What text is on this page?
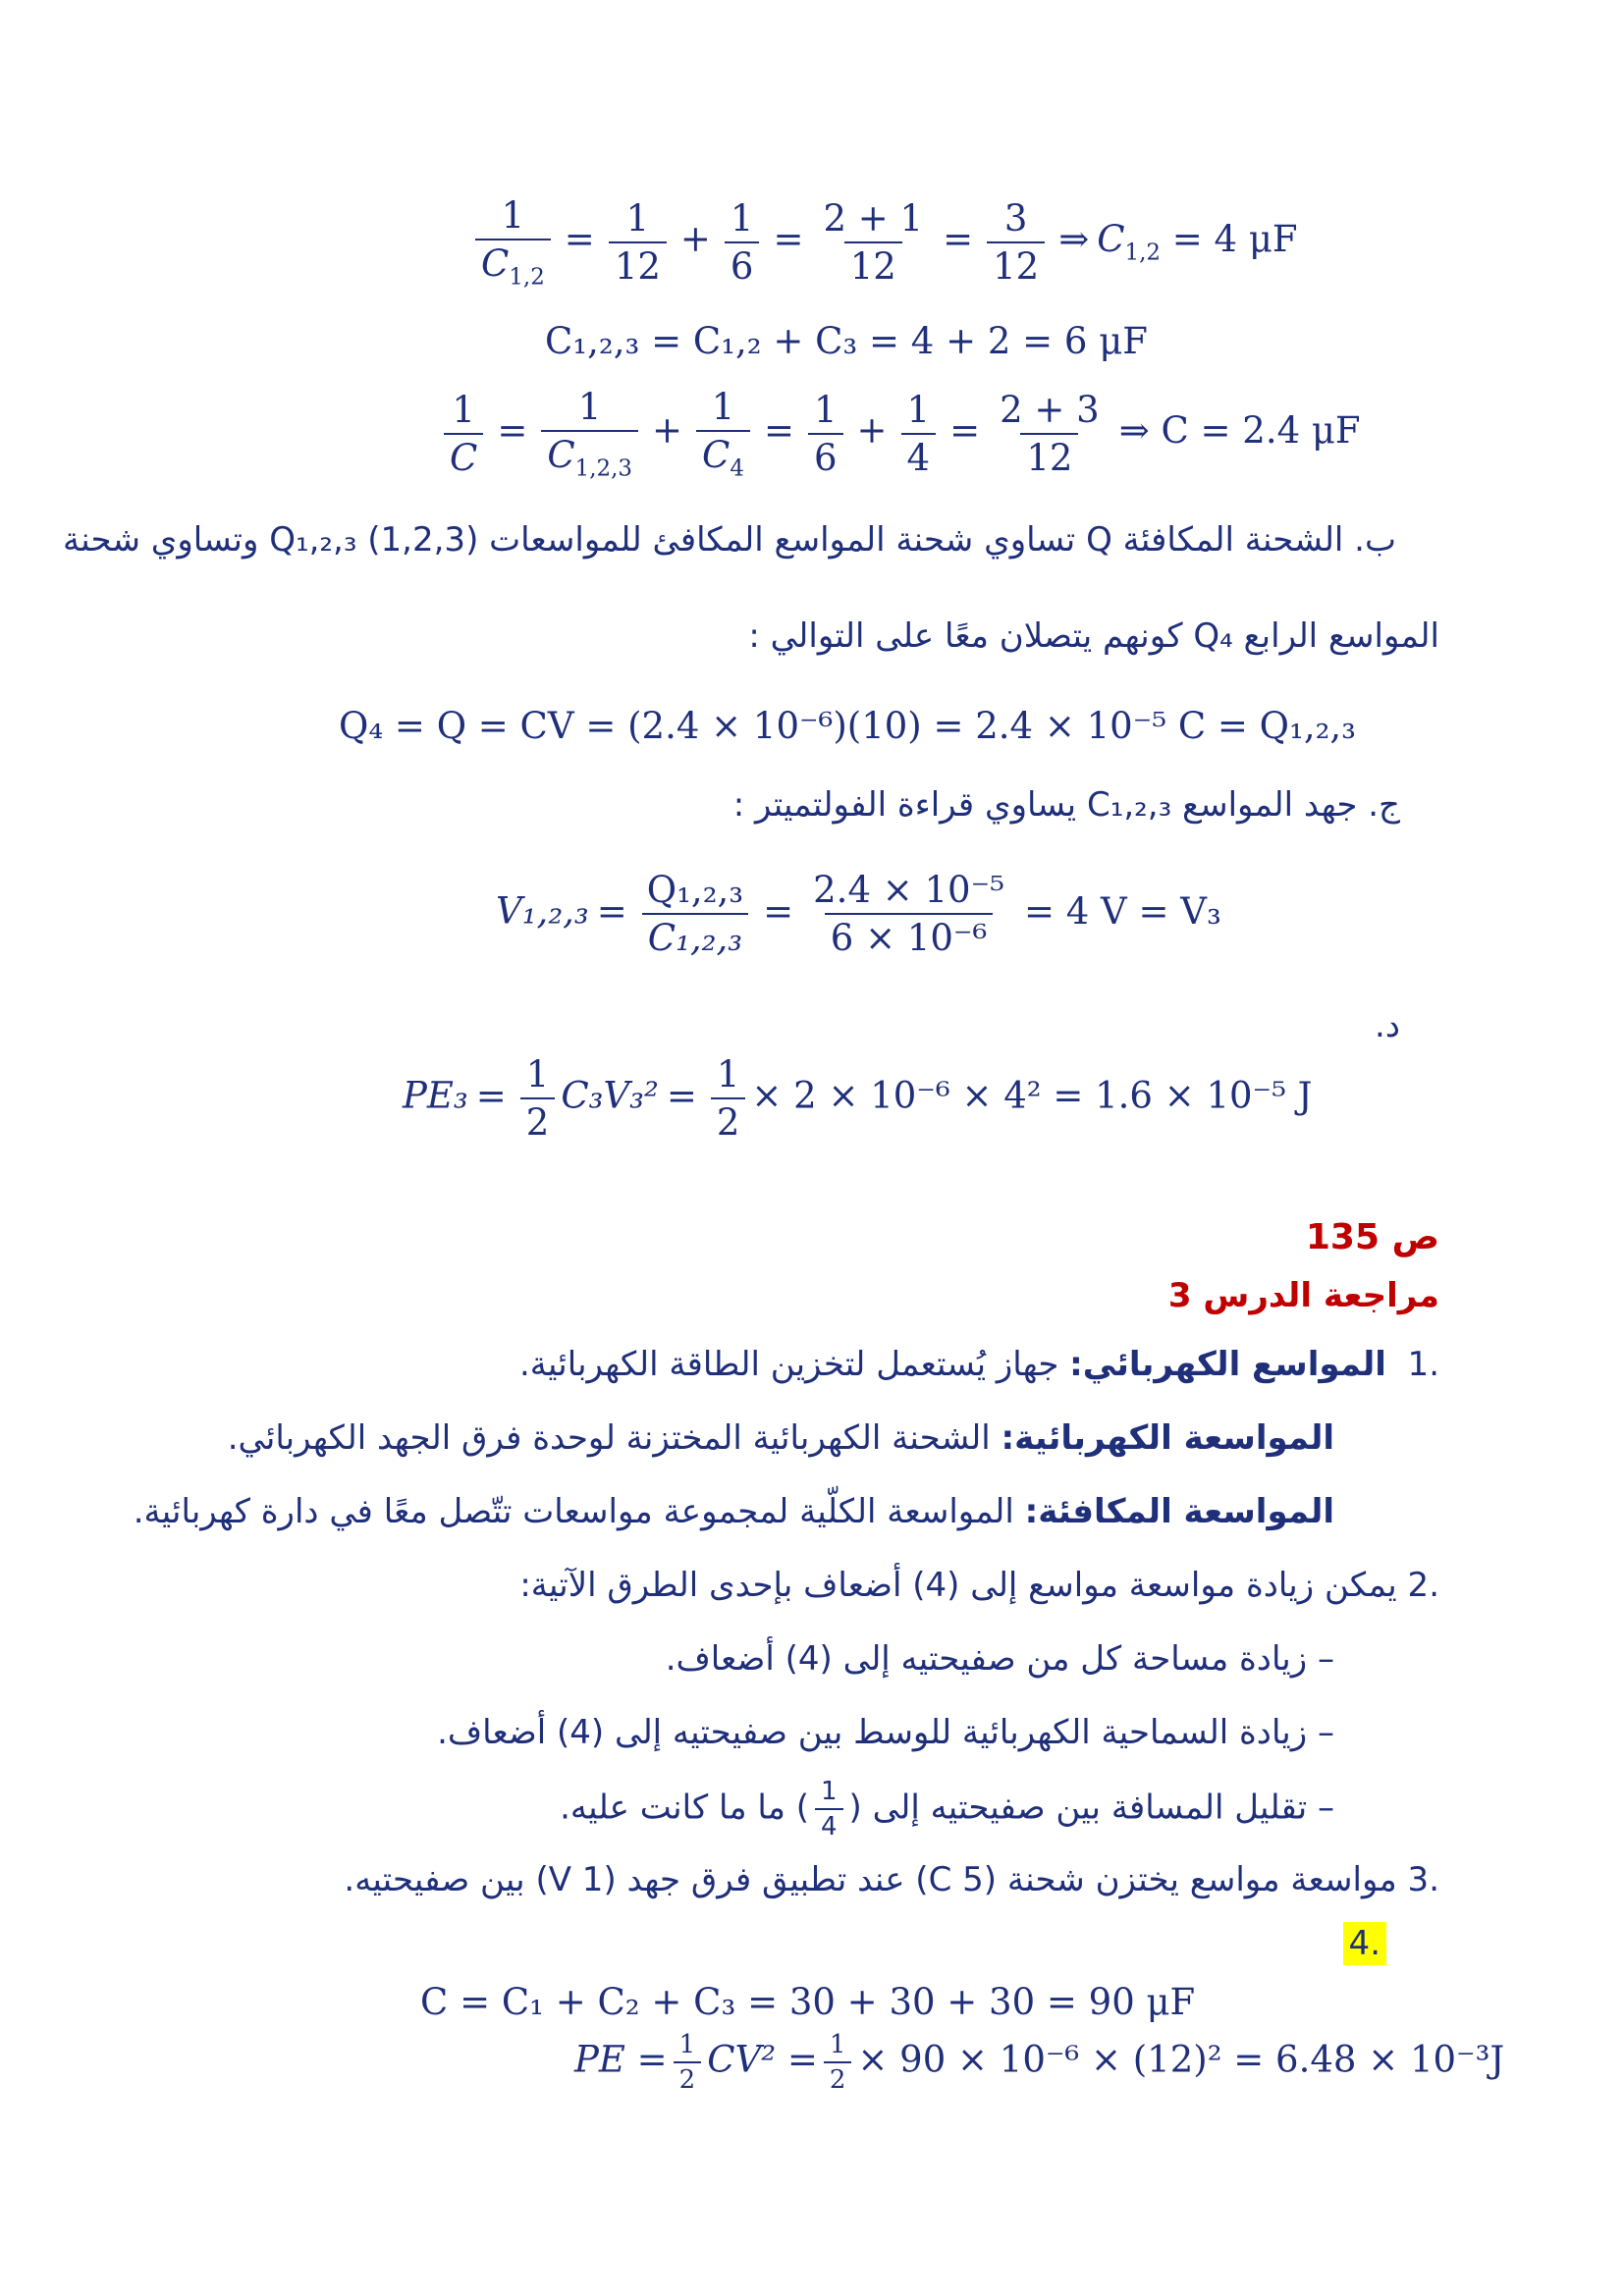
$\frac{1}{C_{1,2}} = \frac{1}{12} + \frac{1}{6} = \frac{2 + 1}{12} = \frac{3}{12}$ ⇒ $C_{1,2} = 4$ μF
C₁,₂,₃ = C₁,₂ + C₃ = 4 + 2 = 6 μF
$\frac{1}{C} = \frac{1}{C_{1,2,3}} + \frac{1}{C_4} = \frac{1}{6} + \frac{1}{4} = \frac{2 + 3}{12}$ ⇒ C = 2.4 μF
ب. الشحنة المكافئة Q تساوي شحنة المواسع المكافئ للمواسعات (1,2,3) Q₁,₂,₃ وتساوي شحنة
المواسع الرابع Q₄ كونهم يتصلان معًا على التوالي :
Q₄ = Q = CV = (2.4 × 10⁻⁶)(10) = 2.4 × 10⁻⁵ C = Q₁,₂,₃
ج. جهد المواسع C₁,₂,₃ يساوي قراءة الفولتميتر :
$V_1,_2,_3 = \frac{\text{Q₁,₂,₃}}{\text{C₁,₂,₃}} = \frac{\text{2.4 × 10⁻⁵}}{\text{6 × 10⁻⁶}} = 4$ V = V₃
د.
$PE_3 = \frac{1}{2} C_3V_3^2 = \frac{1}{2} \times 2 \times 10^{-6} \times 4^2 = 1.6 \times 10^{-5}$ J
ص 135
مراجعة الدرس 3
.1  المواسع الكهربائي: جهاز يُستعمل لتخزين الطاقة الكهربائية.
المواسعة الكهربائية: الشحنة الكهربائية المختزنة لوحدة فرق الجهد الكهربائي.
المواسعة المكافئة: المواسعة الكلّية لمجموعة مواسعات تتّصل معًا في دارة كهربائية.
.2 يمكن زيادة مواسعة مواسع إلى (4) أضعاف بإحدى الطرق الآتية:
– زيادة مساحة كل من صفيحتيه إلى (4) أضعاف.
– زيادة السماحية الكهربائية للوسط بين صفيحتيه إلى (4) أضعاف.
– تقليل المسافة بين صفيحتيه إلى (
$\frac{1}{4}$
) ما ما كانت عليه.
.3 مواسعة مواسع يختزن شحنة (5 C) عند تطبيق فرق جهد (1 V) بين صفيحتيه.
.4
C = C₁ + C₂ + C₃ = 30 + 30 + 30 = 90 μF
PE = $\frac{1}{2} CV^2 = \frac{1}{2} \times 90 \times 10^{-6} \times (12)^2 = 6.48 \times 10^{-3}J$
